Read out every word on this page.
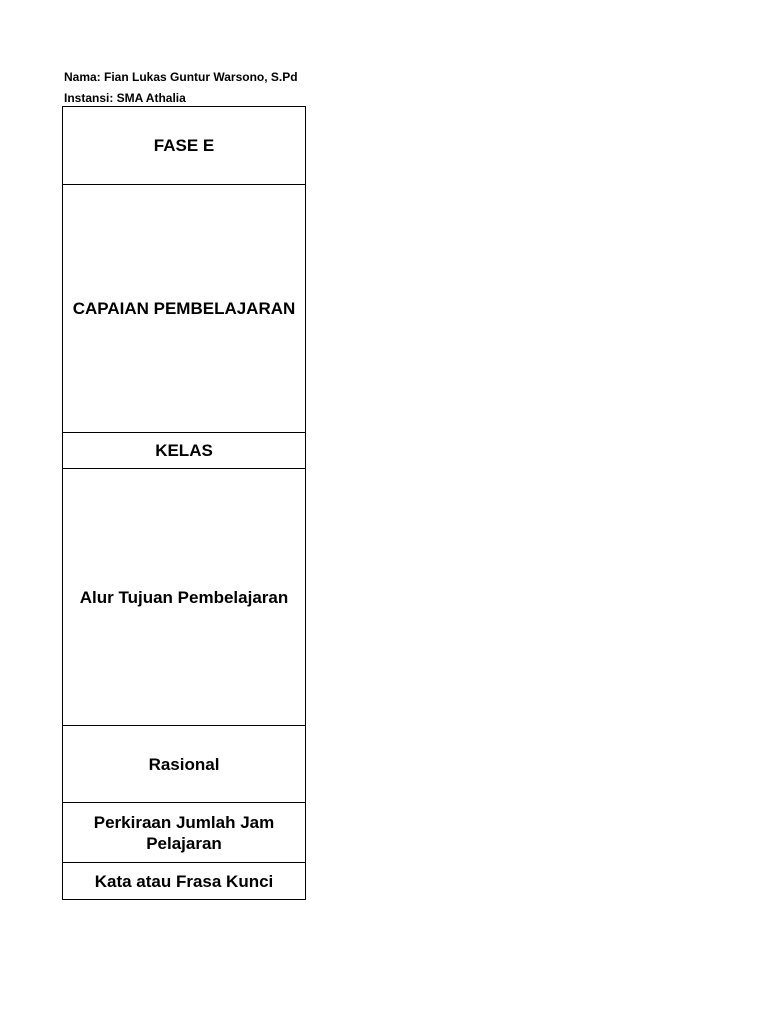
Nama: Fian Lukas Guntur Warsono, S.Pd
Instansi: SMA Athalia
FASE E
CAPAIAN PEMBELAJARAN
KELAS
Alur Tujuan Pembelajaran
Rasional
Perkiraan Jumlah Jam Pelajaran
Kata atau Frasa Kunci
